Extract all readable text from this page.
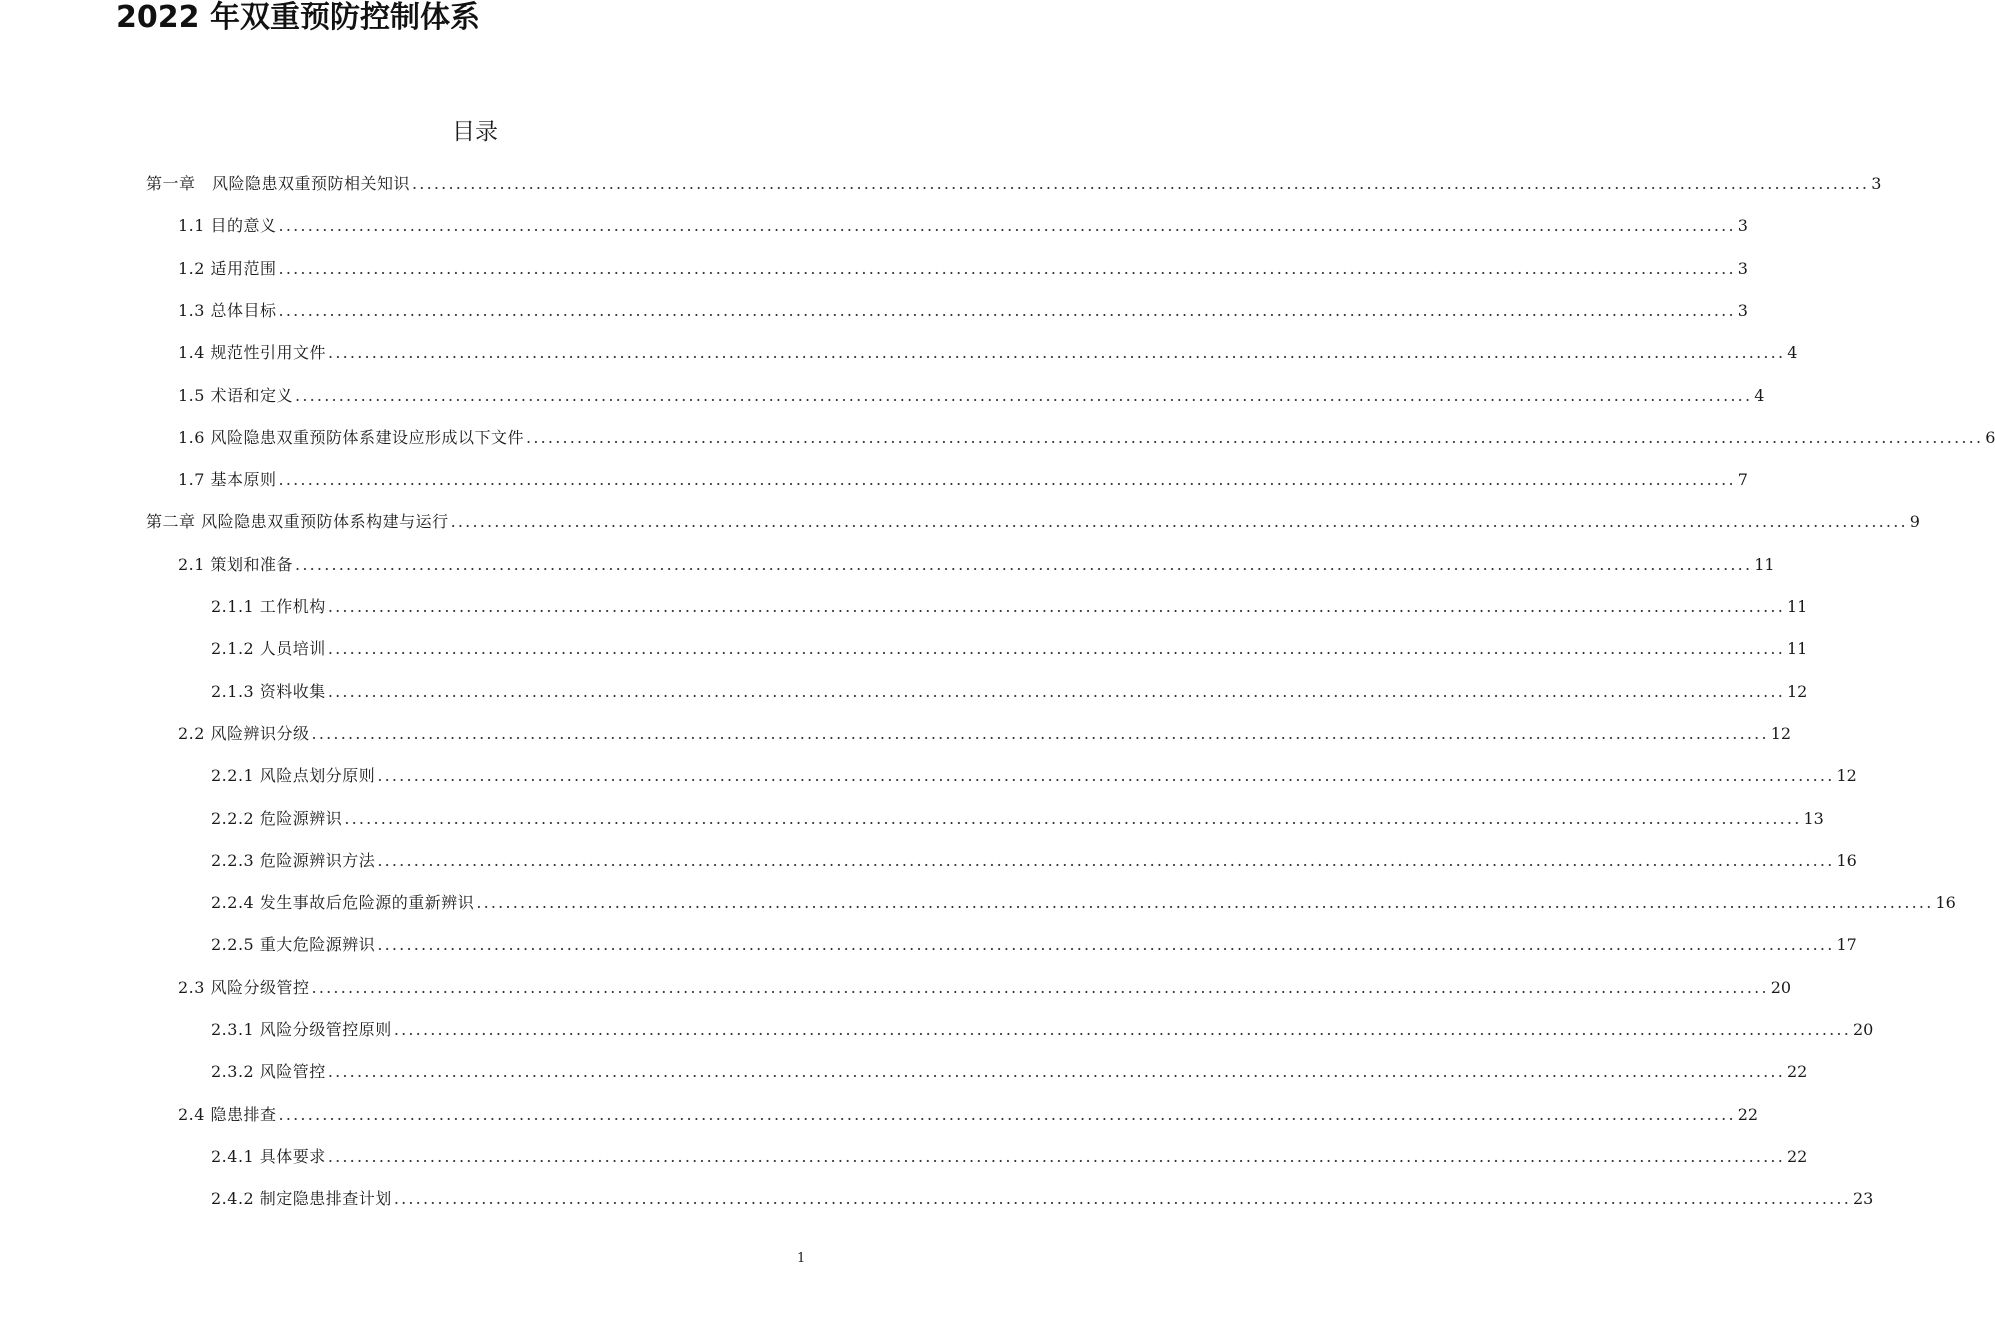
2022 年双重预防控制体系
目录
第一章　风险隐患双重预防相关知识 ........................................................................................................................................................................................................ 3
1.1 目的意义 ........................................................................................................................................................................................................ 3
1.2 适用范围 ........................................................................................................................................................................................................ 3
1.3 总体目标 ........................................................................................................................................................................................................ 3
1.4 规范性引用文件 ........................................................................................................................................................................................................ 4
1.5 术语和定义 ........................................................................................................................................................................................................ 4
1.6 风险隐患双重预防体系建设应形成以下文件 ........................................................................................................................................................................................................ 6
1.7 基本原则 ........................................................................................................................................................................................................ 7
第二章 风险隐患双重预防体系构建与运行 ........................................................................................................................................................................................................ 9
2.1 策划和准备 ........................................................................................................................................................................................................ 11
2.1.1 工作机构 ........................................................................................................................................................................................................ 11
2.1.2 人员培训 ........................................................................................................................................................................................................ 11
2.1.3 资料收集 ........................................................................................................................................................................................................ 12
2.2 风险辨识分级 ........................................................................................................................................................................................................ 12
2.2.1 风险点划分原则 ........................................................................................................................................................................................................ 12
2.2.2 危险源辨识 ........................................................................................................................................................................................................ 13
2.2.3 危险源辨识方法 ........................................................................................................................................................................................................ 16
2.2.4 发生事故后危险源的重新辨识 ........................................................................................................................................................................................................ 16
2.2.5 重大危险源辨识 ........................................................................................................................................................................................................ 17
2.3 风险分级管控 ........................................................................................................................................................................................................ 20
2.3.1 风险分级管控原则 ........................................................................................................................................................................................................ 20
2.3.2 风险管控 ........................................................................................................................................................................................................ 22
2.4 隐患排查 ........................................................................................................................................................................................................ 22
2.4.1 具体要求 ........................................................................................................................................................................................................ 22
2.4.2 制定隐患排查计划 ........................................................................................................................................................................................................ 23
1
